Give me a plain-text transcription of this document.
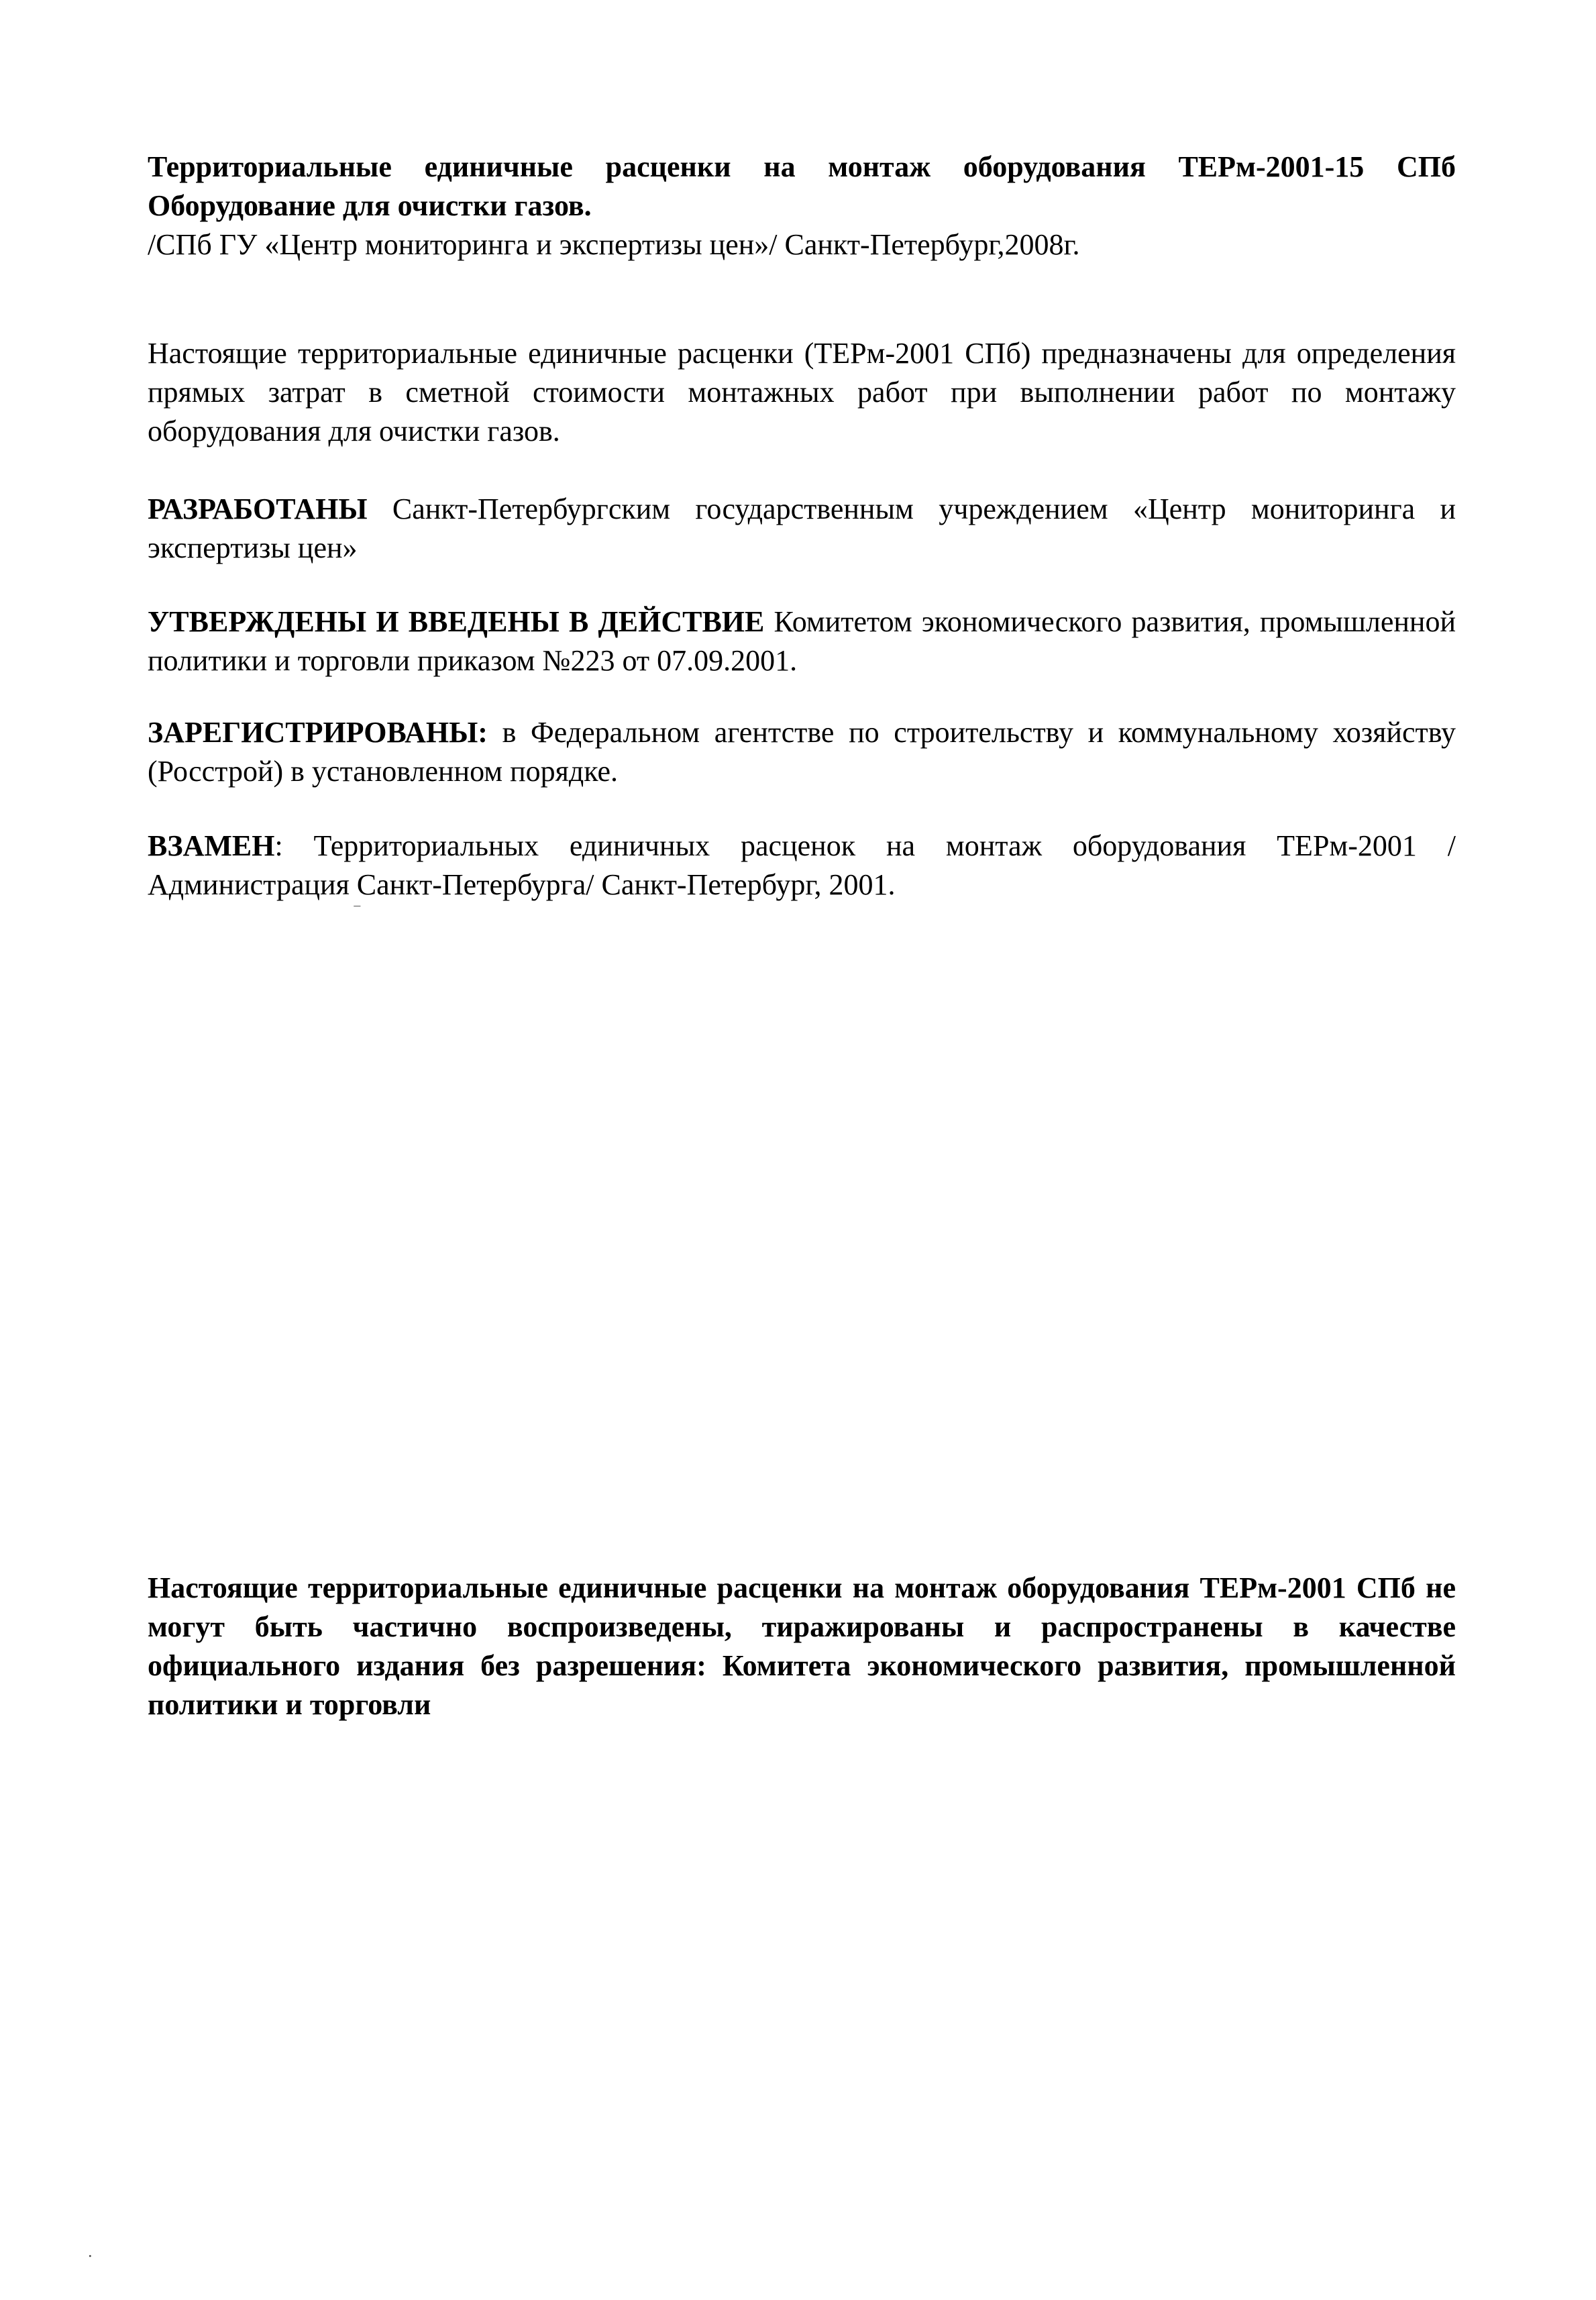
Территориальные единичные расценки на монтаж оборудования ТЕРм-2001-15 СПб

Оборудование для очистки газов.

/СПб ГУ «Центр мониторинга и экспертизы цен»/ Санкт-Петербург,2008г.

Настоящие территориальные единичные расценки (ТЕРм-2001 СПб) предназначены для определения прямых затрат в сметной стоимости монтажных работ при выполнении работ по монтажу оборудования для очистки газов.

РАЗРАБОТАНЫ Санкт-Петербургским государственным учреждением «Центр мониторинга и экспертизы цен»

УТВЕРЖДЕНЫ И ВВЕДЕНЫ В ДЕЙСТВИЕ Комитетом экономического развития, промышленной политики и торговли приказом №223 от 07.09.2001.

ЗАРЕГИСТРИРОВАНЫ: в Федеральном агентстве по строительству и коммунальному хозяйству (Росстрой) в установленном порядке.

ВЗАМЕН: Территориальных единичных расценок на монтаж оборудования ТЕРм-2001 /Администрация Санкт-Петербурга/ Санкт-Петербург, 2001.

Настоящие территориальные единичные расценки на монтаж оборудования ТЕРм-2001 СПб не могут быть частично воспроизведены, тиражированы и распространены в качестве официального издания без разрешения: Комитета экономического развития, промышленной политики и торговли

‾
·
